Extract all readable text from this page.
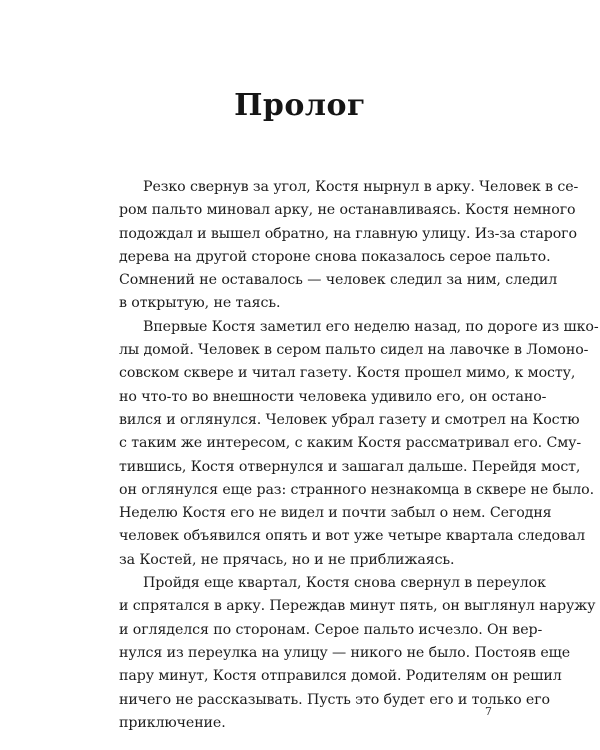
Пролог
Резко свернув за угол, Костя нырнул в арку. Человек в се-
ром пальто миновал арку, не останавливаясь. Костя немного
подождал и вышел обратно, на главную улицу. Из-за старого
дерева на другой стороне снова показалось серое пальто.
Сомнений не оставалось — человек следил за ним, следил
в открытую, не таясь.
Впервые Костя заметил его неделю назад, по дороге из шко-
лы домой. Человек в сером пальто сидел на лавочке в Ломоно-
совском сквере и читал газету. Костя прошел мимо, к мосту,
но что-то во внешности человека удивило его, он останo-
вился и оглянулся. Человек убрал газету и смотрел на Костю
с таким же интересом, с каким Костя рассматривал его. Сму-
тившись, Костя отвернулся и зашагал дальше. Перейдя мост,
он оглянулся еще раз: странного незнакомца в сквере не было.
Неделю Костя его не видел и почти забыл о нем. Сегодня
человек объявился опять и вот уже четыре квартала следовал
за Костей, не прячась, но и не приближаясь.
Пройдя еще квартал, Костя снова свернул в переулок
и спрятался в арку. Переждав минут пять, он выглянул наружу
и огляделся по сторонам. Серое пальто исчезло. Он вер-
нулся из переулка на улицу — никого не было. Постояв еще
пару минут, Костя отправился домой. Родителям он решил
ничего не рассказывать. Пусть это будет его и только его
приключение.
7
